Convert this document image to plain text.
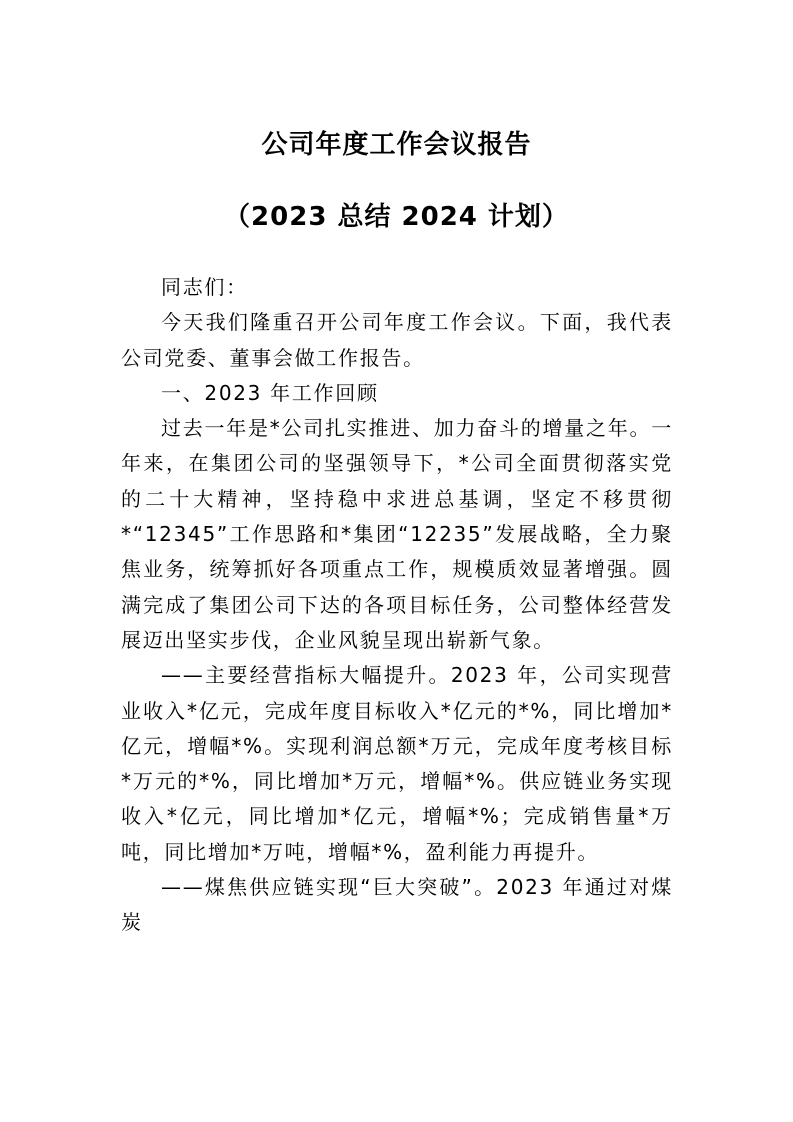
公司年度工作会议报告
（2023 总结 2024 计划）

同志们：

今天我们隆重召开公司年度工作会议。下面，我代表公司党委、董事会做工作报告。

一、2023 年工作回顾

过去一年是*公司扎实推进、加力奋斗的增量之年。一年来，在集团公司的坚强领导下，*公司全面贯彻落实党的二十大精神，坚持稳中求进总基调，坚定不移贯彻*“12345”工作思路和*集团“12235”发展战略，全力聚焦业务，统筹抓好各项重点工作，规模质效显著增强。圆满完成了集团公司下达的各项目标任务，公司整体经营发展迈出坚实步伐，企业风貌呈现出崭新气象。

——主要经营指标大幅提升。2023 年，公司实现营业收入*亿元，完成年度目标收入*亿元的*%，同比增加*亿元，增幅*%。实现利润总额*万元，完成年度考核目标*万元的*%，同比增加*万元，增幅*%。供应链业务实现收入*亿元，同比增加*亿元，增幅*%；完成销售量*万吨，同比增加*万吨，增幅*%，盈利能力再提升。

——煤焦供应链实现“巨大突破”。2023 年通过对煤炭
